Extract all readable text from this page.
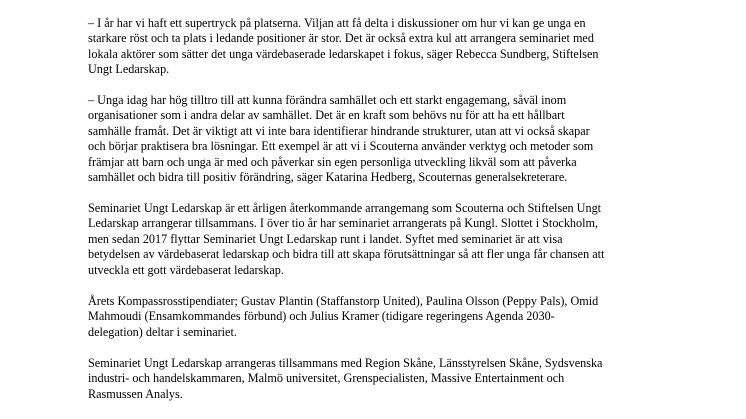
– I år har vi haft ett supertryck på platserna. Viljan att få delta i diskussioner om hur vi kan ge unga en
starkare röst och ta plats i ledande positioner är stor. Det är också extra kul att arrangera seminariet med
lokala aktörer som sätter det unga värdebaserade ledarskapet i fokus, säger Rebecca Sundberg, Stiftelsen
Ungt Ledarskap.

– Unga idag har hög tilltro till att kunna förändra samhället och ett starkt engagemang, såväl inom
organisationer som i andra delar av samhället. Det är en kraft som behövs nu för att ha ett hållbart
samhälle framåt. Det är viktigt att vi inte bara identifierar hindrande strukturer, utan att vi också skapar
och börjar praktisera bra lösningar. Ett exempel är att vi i Scouterna använder verktyg och metoder som
främjar att barn och unga är med och påverkar sin egen personliga utveckling likväl som att påverka
samhället och bidra till positiv förändring, säger Katarina Hedberg, Scouternas generalsekreterare.

Seminariet Ungt Ledarskap är ett årligen återkommande arrangemang som Scouterna och Stiftelsen Ungt
Ledarskap arrangerar tillsammans. I över tio år har seminariet arrangerats på Kungl. Slottet i Stockholm,
men sedan 2017 flyttar Seminariet Ungt Ledarskap runt i landet. Syftet med seminariet är att visa
betydelsen av värdebaserat ledarskap och bidra till att skapa förutsättningar så att fler unga får chansen att
utveckla ett gott värdebaserat ledarskap.

Årets Kompassrosstipendiater; Gustav Plantin (Staffanstorp United), Paulina Olsson (Peppy Pals), Omid
Mahmoudi (Ensamkommandes förbund) och Julius Kramer (tidigare regeringens Agenda 2030-
delegation) deltar i seminariet.

Seminariet Ungt Ledarskap arrangeras tillsammans med Region Skåne, Länsstyrelsen Skåne, Sydsvenska
industri- och handelskammaren, Malmö universitet, Grenspecialisten, Massive Entertainment och
Rasmussen Analys.
